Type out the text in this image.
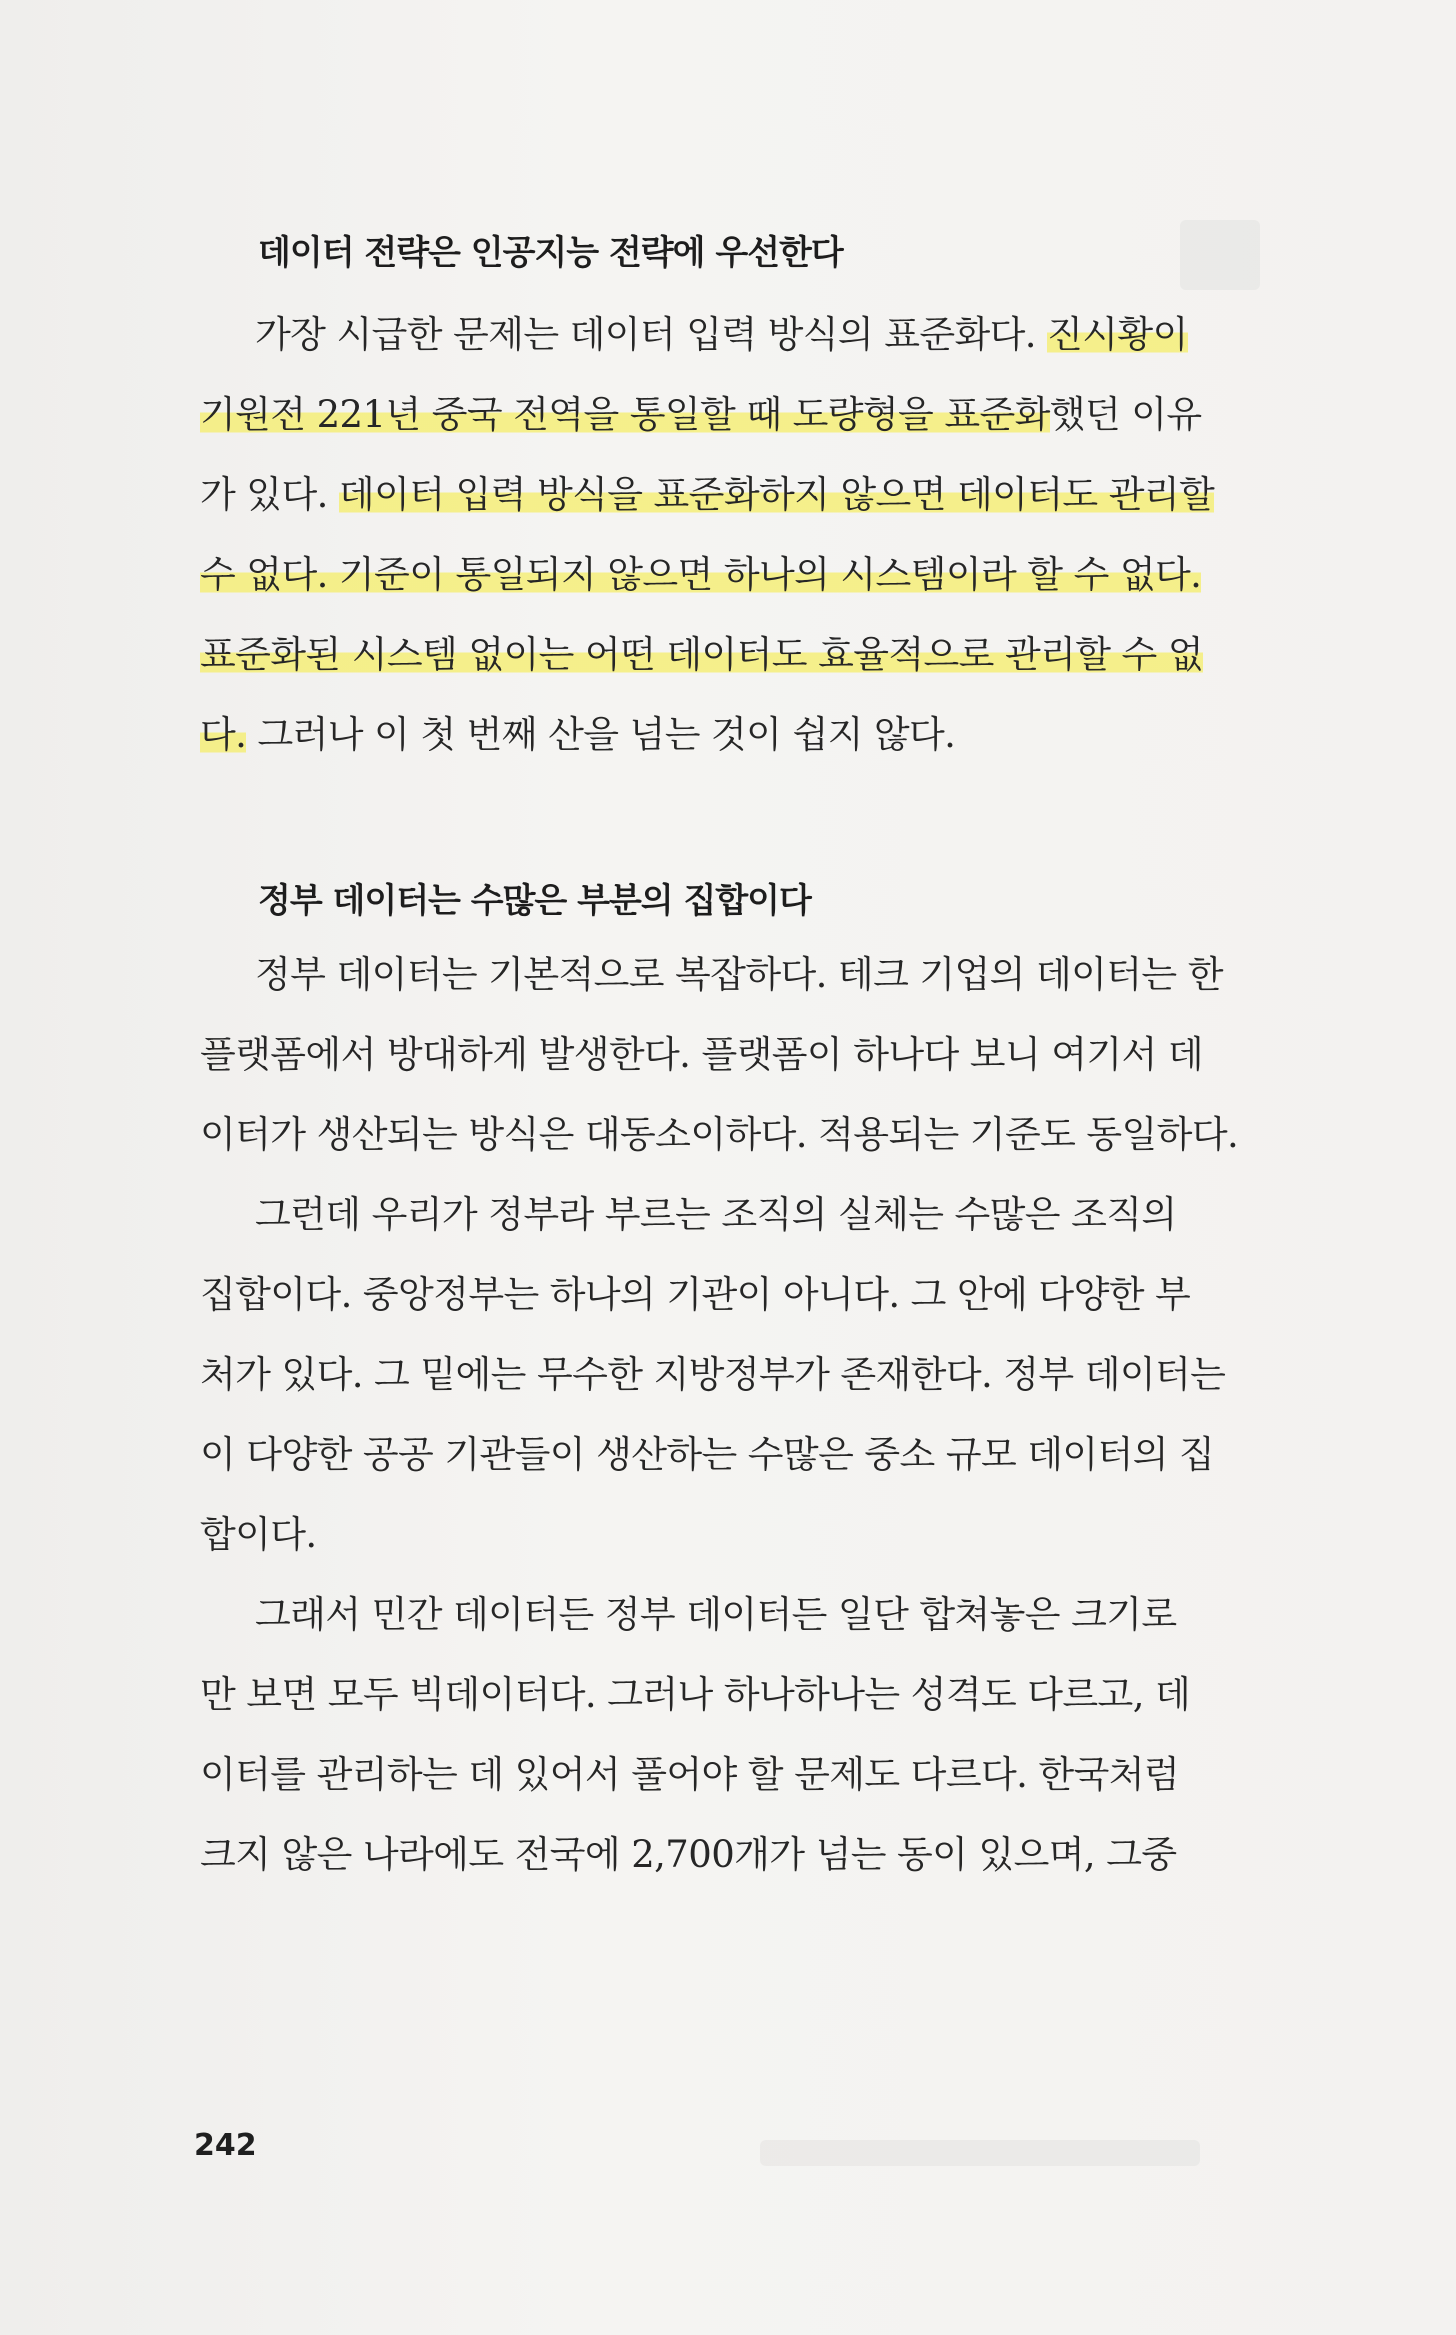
데이터 전략은 인공지능 전략에 우선한다
가장 시급한 문제는 데이터 입력 방식의 표준화다. 진시황이
기원전 221년 중국 전역을 통일할 때 도량형을 표준화했던 이유
가 있다. 데이터 입력 방식을 표준화하지 않으면 데이터도 관리할
수 없다. 기준이 통일되지 않으면 하나의 시스템이라 할 수 없다.
표준화된 시스템 없이는 어떤 데이터도 효율적으로 관리할 수 없
다. 그러나 이 첫 번째 산을 넘는 것이 쉽지 않다.
정부 데이터는 수많은 부분의 집합이다
정부 데이터는 기본적으로 복잡하다. 테크 기업의 데이터는 한
플랫폼에서 방대하게 발생한다. 플랫폼이 하나다 보니 여기서 데
이터가 생산되는 방식은 대동소이하다. 적용되는 기준도 동일하다.
그런데 우리가 정부라 부르는 조직의 실체는 수많은 조직의
집합이다. 중앙정부는 하나의 기관이 아니다. 그 안에 다양한 부
처가 있다. 그 밑에는 무수한 지방정부가 존재한다. 정부 데이터는
이 다양한 공공 기관들이 생산하는 수많은 중소 규모 데이터의 집
합이다.
그래서 민간 데이터든 정부 데이터든 일단 합쳐놓은 크기로
만 보면 모두 빅데이터다. 그러나 하나하나는 성격도 다르고, 데
이터를 관리하는 데 있어서 풀어야 할 문제도 다르다. 한국처럼
크지 않은 나라에도 전국에 2,700개가 넘는 동이 있으며, 그중
242
